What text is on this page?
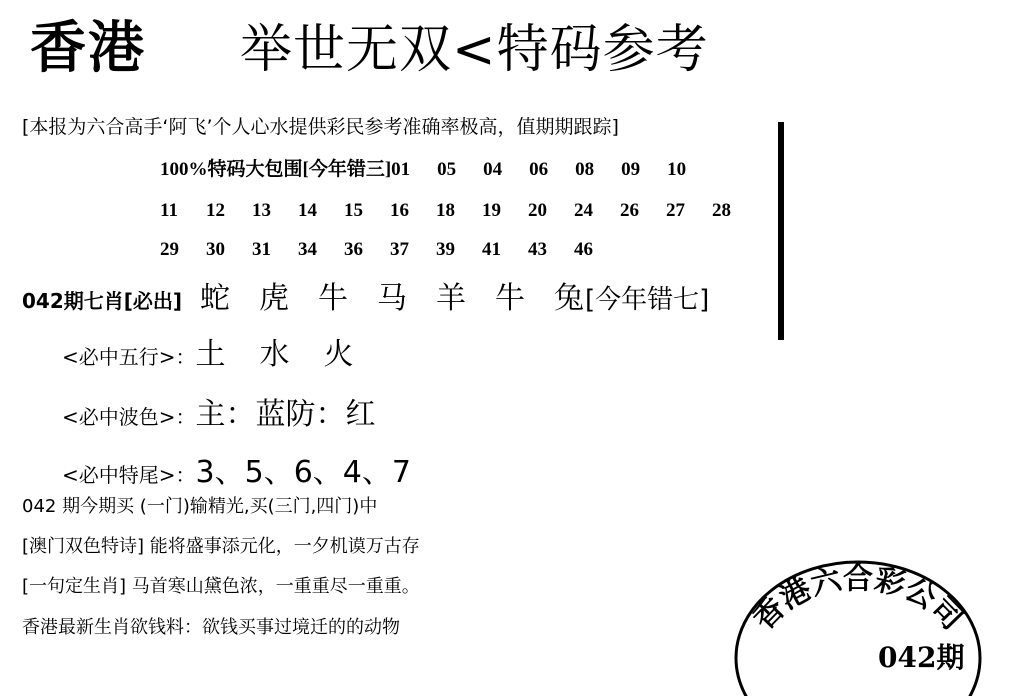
香港 举世无双<特码参考
[本报为六合高手‘阿飞’个人心水提供彩民参考准确率极高，值期期跟踪]
100%特码大包围[今年错三]01 05 04 06 08 09 10
11 12 13 14 15 16 18 19 20 24 26 27 28
29 30 31 34 36 37 39 41 43 46
042期七肖[必出] 蛇 虎 牛 马 羊 牛 兔[今年错七]
<必中五行>：土 水 火
<必中波色>：主：蓝防：红
<必中特尾>：3、5、6、4、7
042 期今期买 (一门)输精光,买(三门,四门)中
[澳门双色特诗] 能将盛事添元化，一夕机谟万古存
[一句定生肖] 马首寒山黛色浓，一重重尽一重重。
香港最新生肖欲钱料：欲钱买事过境迁的的动物	香港六合彩公司
042期
